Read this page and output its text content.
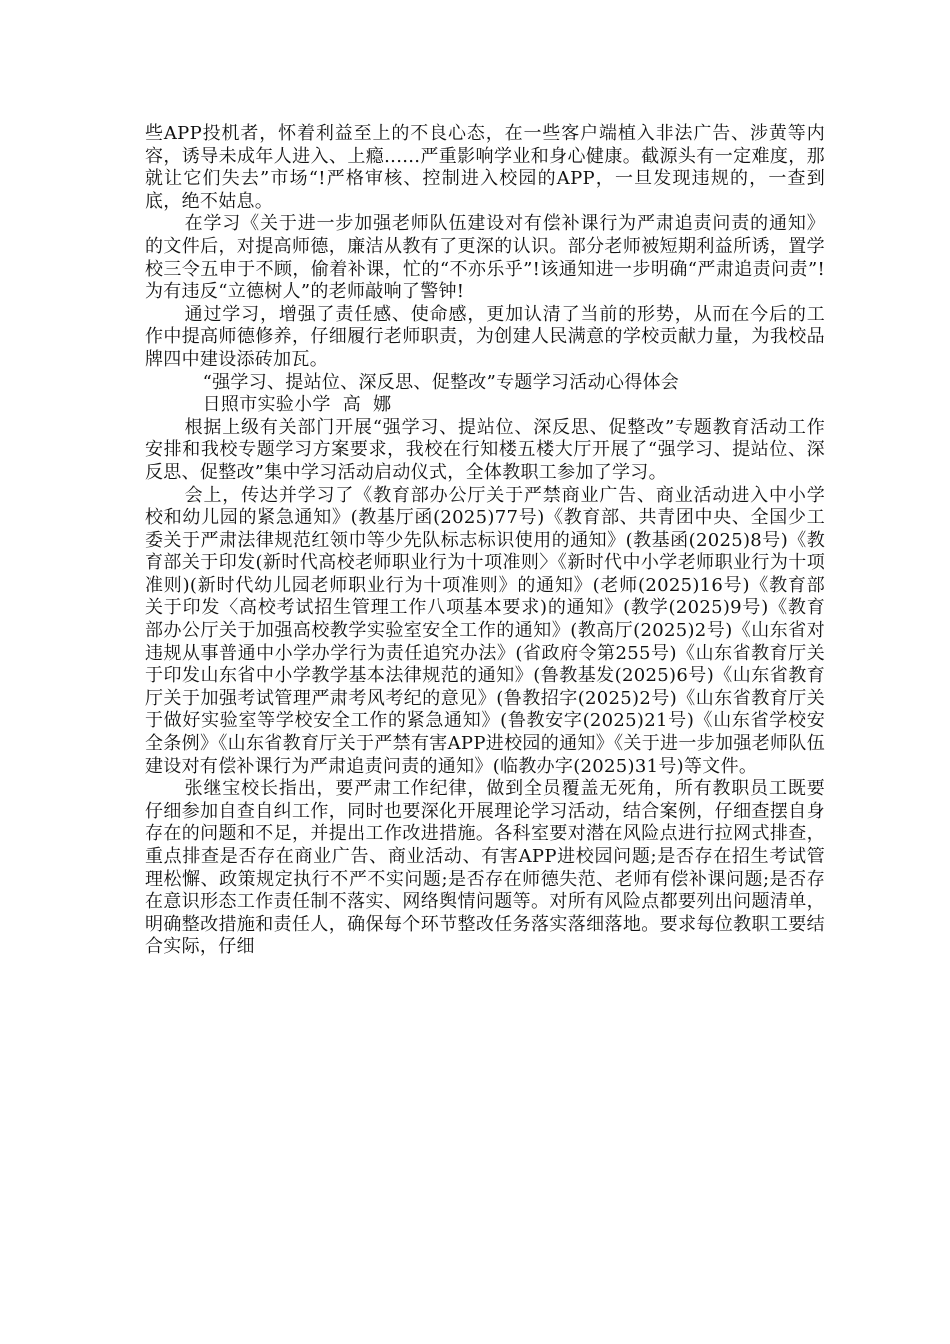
些APP投机者，怀着利益至上的不良心态，在一些客户端植入非法广告、涉黄等内容，诱导未成年人进入、上瘾......严重影响学业和身心健康。截源头有一定难度，那就让它们失去”市场“!严格审核、控制进入校园的APP，一旦发现违规的，一查到底，绝不姑息。

在学习《关于进一步加强老师队伍建设对有偿补课行为严肃追责问责的通知》的文件后，对提高师德，廉洁从教有了更深的认识。部分老师被短期利益所诱，置学校三令五申于不顾，偷着补课，忙的“不亦乐乎”!该通知进一步明确“严肃追责问责”!为有违反“立德树人”的老师敲响了警钟!

通过学习，增强了责任感、使命感，更加认清了当前的形势，从而在今后的工作中提高师德修养，仔细履行老师职责，为创建人民满意的学校贡献力量，为我校品牌四中建设添砖加瓦。

“强学习、提站位、深反思、促整改”专题学习活动心得体会

日照市实验小学  高  娜

根据上级有关部门开展“强学习、提站位、深反思、促整改”专题教育活动工作安排和我校专题学习方案要求，我校在行知楼五楼大厅开展了“强学习、提站位、深反思、促整改”集中学习活动启动仪式，全体教职工参加了学习。

会上，传达并学习了《教育部办公厅关于严禁商业广告、商业活动进入中小学校和幼儿园的紧急通知》(教基厅函(2025)77号)《教育部、共青团中央、全国少工委关于严肃法律规范红领巾等少先队标志标识使用的通知》(教基函(2025)8号)《教育部关于印发(新时代高校老师职业行为十项准则〉《新时代中小学老师职业行为十项准则)(新时代幼儿园老师职业行为十项准则》的通知》(老师(2025)16号)《教育部关于印发〈高校考试招生管理工作八项基本要求)的通知》(教学(2025)9号)《教育部办公厅关于加强高校教学实验室安全工作的通知》(教高厅(2025)2号)《山东省对违规从事普通中小学办学行为责任追究办法》(省政府令第255号)《山东省教育厅关于印发山东省中小学教学基本法律规范的通知》(鲁教基发(2025)6号)《山东省教育厅关于加强考试管理严肃考风考纪的意见》(鲁教招字(2025)2号)《山东省教育厅关于做好实验室等学校安全工作的紧急通知》(鲁教安字(2025)21号)《山东省学校安全条例》《山东省教育厅关于严禁有害APP进校园的通知》《关于进一步加强老师队伍建设对有偿补课行为严肃追责问责的通知》(临教办字(2025)31号)等文件。

张继宝校长指出，要严肃工作纪律，做到全员覆盖无死角，所有教职员工既要仔细参加自查自纠工作，同时也要深化开展理论学习活动，结合案例，仔细查摆自身存在的问题和不足，并提出工作改进措施。各科室要对潜在风险点进行拉网式排查，重点排查是否存在商业广告、商业活动、有害APP进校园问题;是否存在招生考试管理松懈、政策规定执行不严不实问题;是否存在师德失范、老师有偿补课问题;是否存在意识形态工作责任制不落实、网络舆情问题等。对所有风险点都要列出问题清单，明确整改措施和责任人，确保每个环节整改任务落实落细落地。要求每位教职工要结合实际，仔细
